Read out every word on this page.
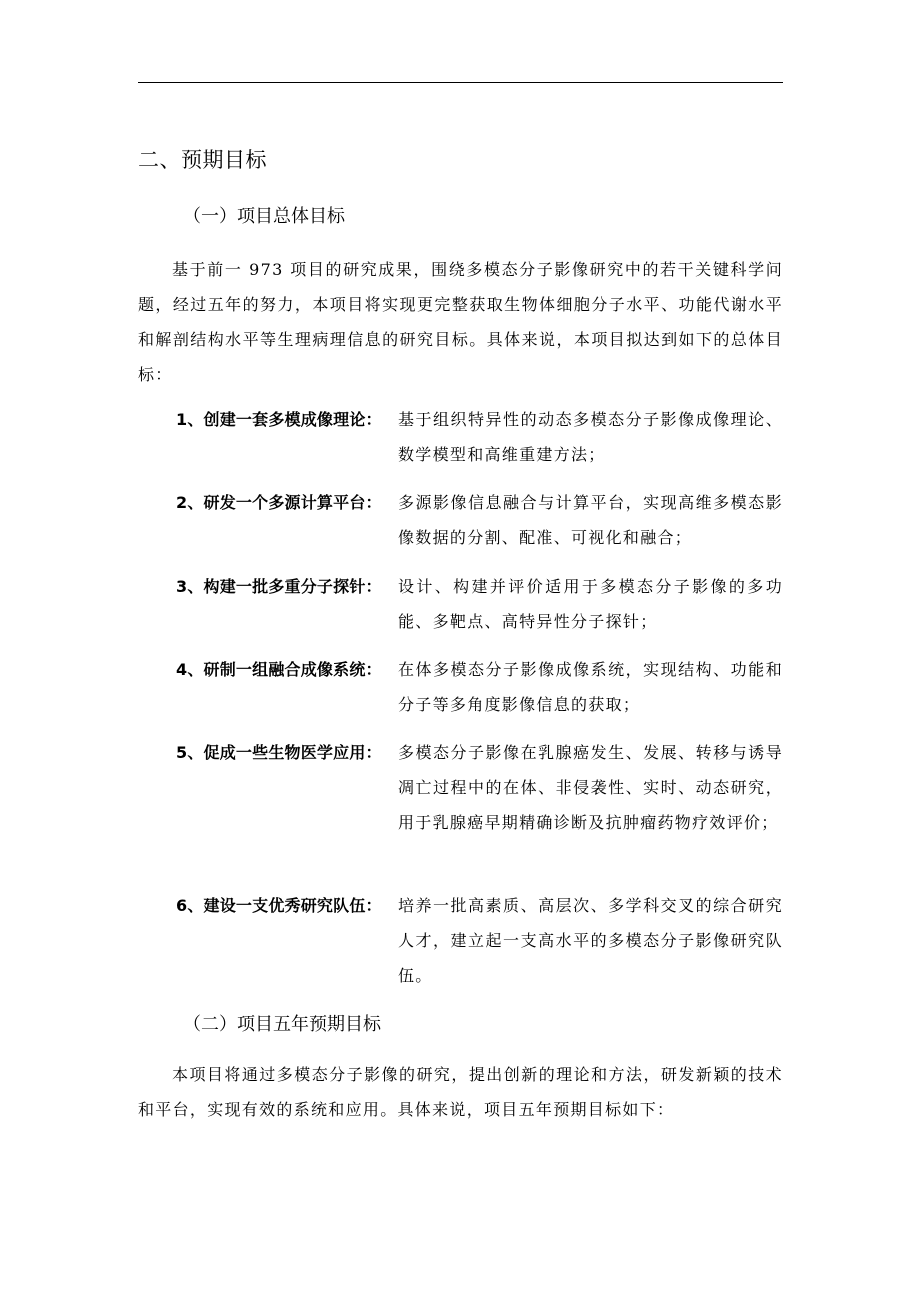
二、预期目标
（一）项目总体目标

基于前一 973 项目的研究成果，围绕多模态分子影像研究中的若干关键科学问题，经过五年的努力，本项目将实现更完整获取生物体细胞分子水平、功能代谢水平和解剖结构水平等生理病理信息的研究目标。具体来说，本项目拟达到如下的总体目标：

1、创建一套多模成像理论：	基于组织特异性的动态多模态分子影像成像理论、数学模型和高维重建方法；
2、研发一个多源计算平台：	多源影像信息融合与计算平台，实现高维多模态影像数据的分割、配准、可视化和融合；
3、构建一批多重分子探针：	设计、构建并评价适用于多模态分子影像的多功能、多靶点、高特异性分子探针；
4、研制一组融合成像系统：	在体多模态分子影像成像系统，实现结构、功能和分子等多角度影像信息的获取；
5、促成一些生物医学应用：	多模态分子影像在乳腺癌发生、发展、转移与诱导凋亡过程中的在体、非侵袭性、实时、动态研究，用于乳腺癌早期精确诊断及抗肿瘤药物疗效评价；
6、建设一支优秀研究队伍：	培养一批高素质、高层次、多学科交叉的综合研究人才，建立起一支高水平的多模态分子影像研究队伍。
（二）项目五年预期目标

本项目将通过多模态分子影像的研究，提出创新的理论和方法，研发新颖的技术和平台，实现有效的系统和应用。具体来说，项目五年预期目标如下：
